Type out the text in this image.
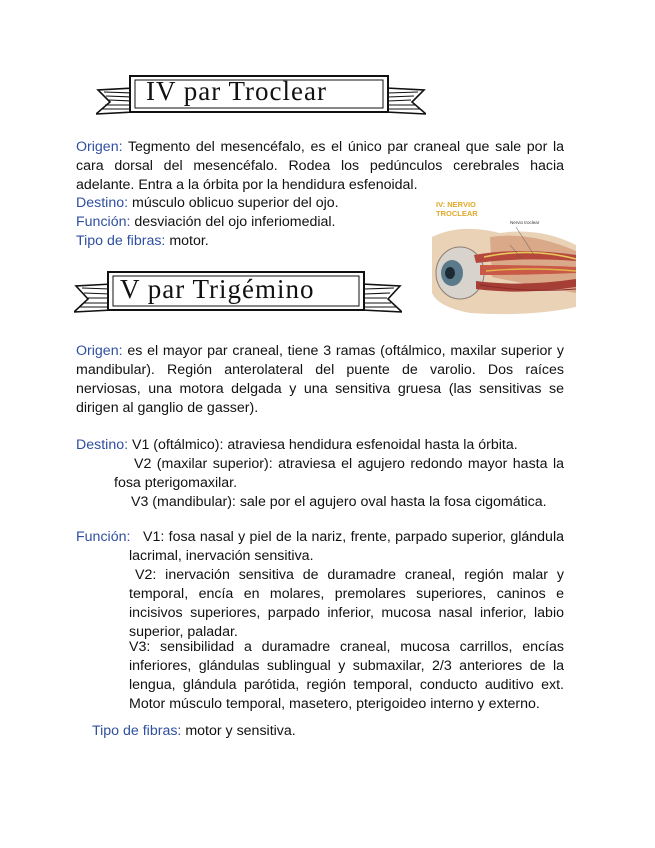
IV par Troclear
Origen: Tegmento del mesencéfalo, es el único par craneal que sale por la cara dorsal del mesencéfalo. Rodea los pedúnculos cerebrales hacia adelante. Entra a la órbita por la hendidura esfenoidal.
Destino: músculo oblicuo superior del ojo.
Función: desviación del ojo inferiomedial.
Tipo de fibras: motor.
IV: NERVIO
TROCLEAR
Nervio troclear
V par Trigémino
Origen: es el mayor par craneal, tiene 3 ramas (oftálmico, maxilar superior y mandibular). Región anterolateral del puente de varolio. Dos raíces nerviosas, una motora delgada y una sensitiva gruesa (las sensitivas se dirigen al ganglio de gasser).
Destino: V1 (oftálmico): atraviesa hendidura esfenoidal hasta la órbita.
V2 (maxilar superior): atraviesa el agujero redondo mayor hasta la fosa pterigomaxilar.
V3 (mandibular): sale por el agujero oval hasta la fosa cigomática.
Función: V1: fosa nasal y piel de la nariz, frente, parpado superior, glándula lacrimal, inervación sensitiva.
V2: inervación sensitiva de duramadre craneal, región malar y temporal, encía en molares, premolares superiores, caninos e incisivos superiores, parpado inferior, mucosa nasal inferior, labio superior, paladar.
V3: sensibilidad a duramadre craneal, mucosa carrillos, encías inferiores, glándulas sublingual y submaxilar, 2/3 anteriores de la lengua, glándula parótida, región temporal, conducto auditivo ext. Motor músculo temporal, masetero, pterigoideo interno y externo.
Tipo de fibras: motor y sensitiva.
